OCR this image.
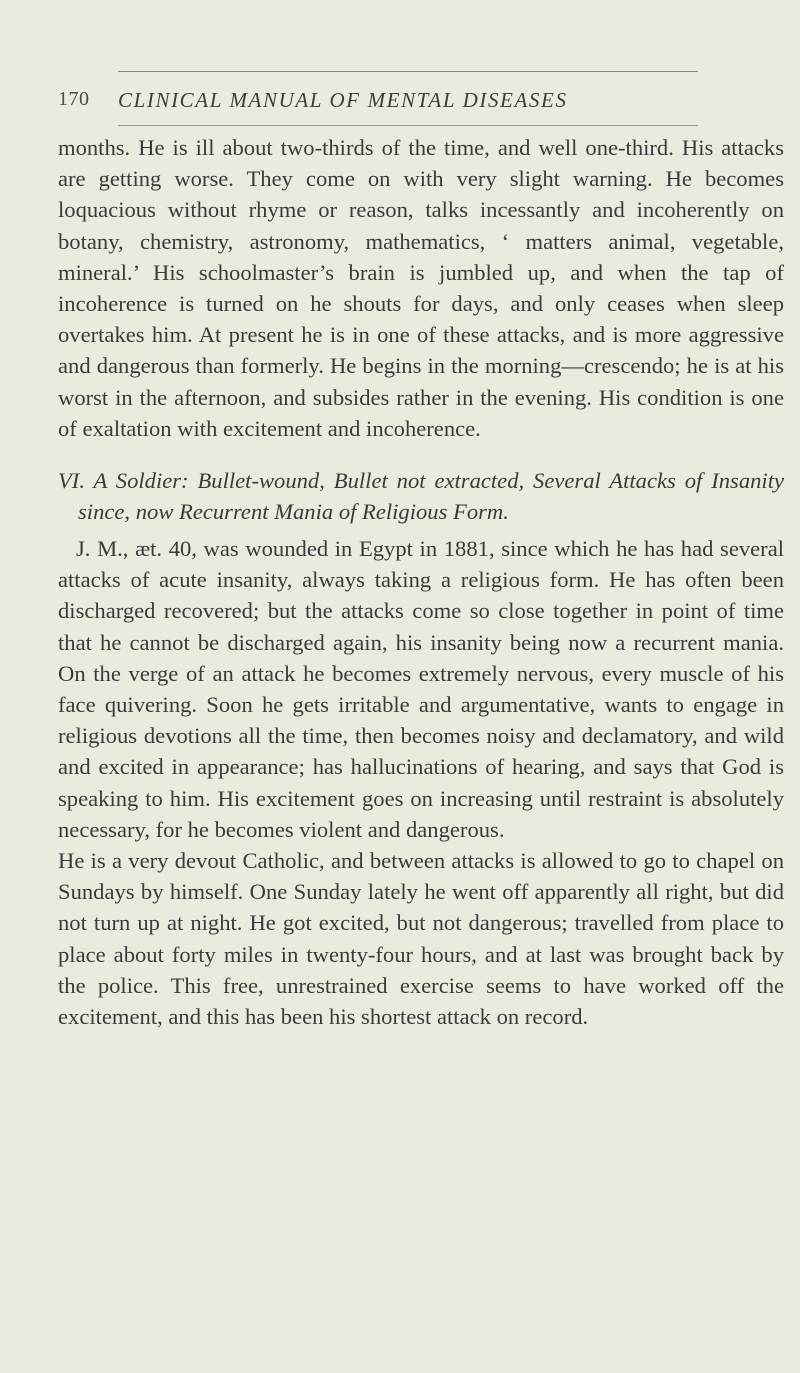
170 CLINICAL MANUAL OF MENTAL DISEASES

months. He is ill about two-thirds of the time, and well one-third. His attacks are getting worse. They come on with very slight warning. He becomes loquacious without rhyme or reason, talks incessantly and incoherently on botany, chemistry, astronomy, mathematics, ‘ matters animal, vegetable, mineral.’ His schoolmaster’s brain is jumbled up, and when the tap of incoherence is turned on he shouts for days, and only ceases when sleep overtakes him. At present he is in one of these attacks, and is more aggressive and dangerous than formerly. He begins in the morning—crescendo; he is at his worst in the afternoon, and subsides rather in the evening. His condition is one of exaltation with excitement and incoherence.

VI. A Soldier: Bullet-wound, Bullet not extracted, Several Attacks of Insanity since, now Recurrent Mania of Religious Form.

J. M., æt. 40, was wounded in Egypt in 1881, since which he has had several attacks of acute insanity, always taking a religious form. He has often been discharged recovered; but the attacks come so close together in point of time that he cannot be discharged again, his insanity being now a recurrent mania. On the verge of an attack he becomes extremely nervous, every muscle of his face quivering. Soon he gets irritable and argumentative, wants to engage in religious devotions all the time, then becomes noisy and declamatory, and wild and excited in appearance; has hallucinations of hearing, and says that God is speaking to him. His excitement goes on increasing until restraint is absolutely necessary, for he becomes violent and dangerous.

He is a very devout Catholic, and between attacks is allowed to go to chapel on Sundays by himself. One Sunday lately he went off apparently all right, but did not turn up at night. He got excited, but not dangerous; travelled from place to place about forty miles in twenty-four hours, and at last was brought back by the police. This free, unrestrained exercise seems to have worked off the excitement, and this has been his shortest attack on record.
